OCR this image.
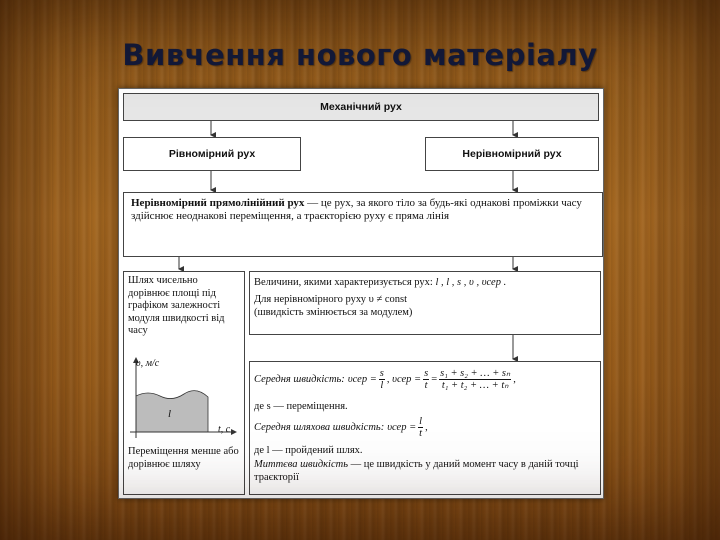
Вивчення нового матеріалу
Механічний рух
Рівномірний рух	Нерівномірний рух
Нерівномірний прямолінійний рух — це рух, за якого тіло за будь-які однакові проміжки часу здійснює неоднакові переміщення, а траєкторією руху є пряма лінія
Шлях чисельно дорівнює площі під графіком залежності модуля швидкості від часу
υ, м/с
t, с
l
Переміщення менше або дорівнює шляху
Величини, якими характеризується рух: l , l , s , υ , υсер .
Для нерівномірного руху υ ≠ const
(швидкість змінюється за модулем)
Середня швидкість: $\upsilon сер = \frac{s}{l}$ , $\upsilon сер = \frac{s}{t} = \frac{\text{s₁ + s₂ + … + sₙ}}{\text{t₁ + t₂ + … + tₙ}}$ ,
де s — переміщення.
Середня шляхова швидкість: $\upsilon сер = \frac{l}{t}$ ,
де l — пройдений шлях.
Миттєва швидкість — це швидкість у даний момент часу в даній точці траєкторії
